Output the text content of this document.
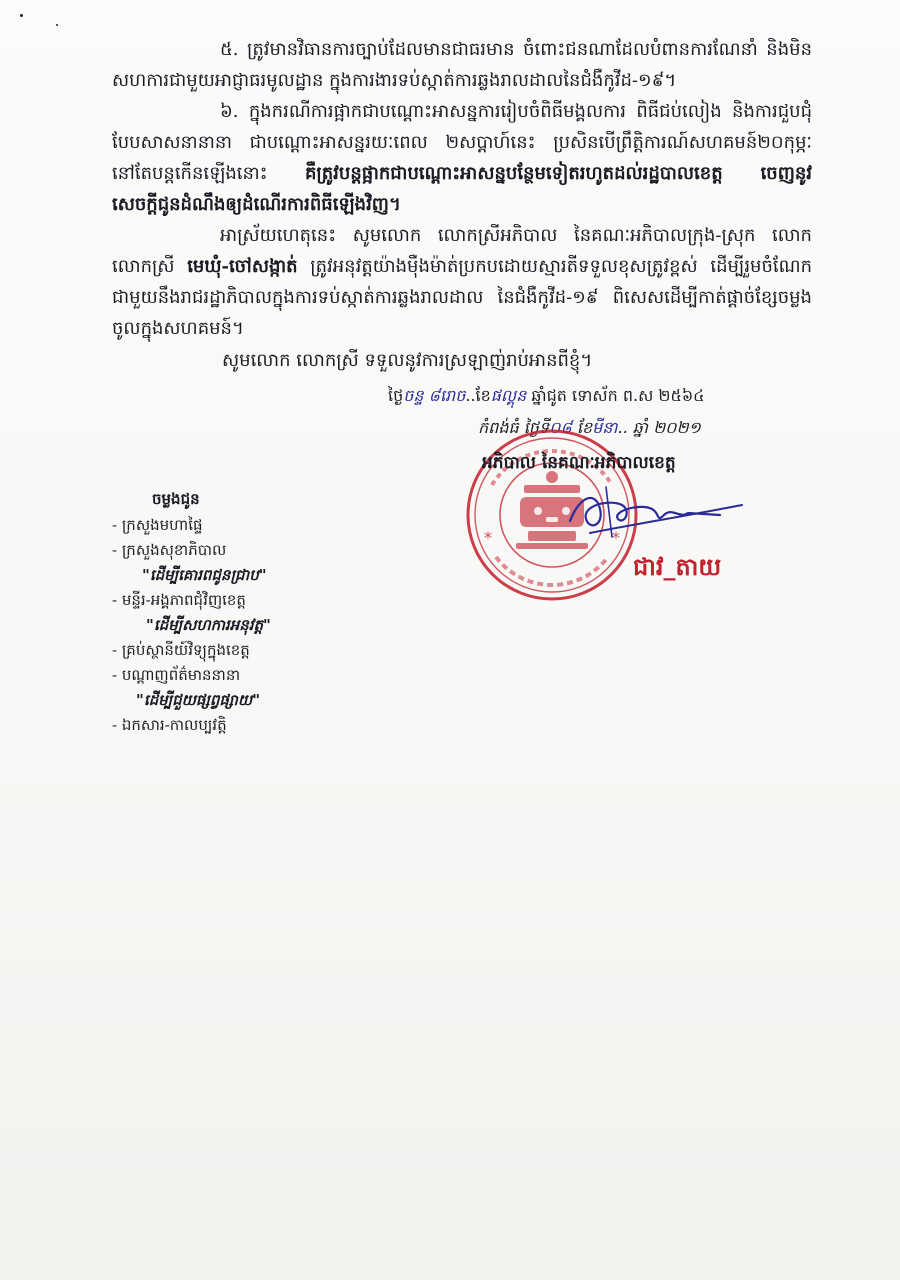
៥. ត្រូវមានវិធានការច្បាប់ដែលមានជាធរមាន ចំពោះជនណាដែលបំពានការណែនាំ និងមិនសហការជាមួយអាជ្ញាធរមូលដ្ឋាន ក្នុងការងារទប់ស្កាត់ការឆ្លងរាលដាលនៃជំងឺកូវីដ-១៩។

៦. ក្នុងករណីការផ្អាកជាបណ្តោះអាសន្នការរៀបចំពិធីមង្គលការ ពិធីជប់លៀង និងការជួបជុំបែបសាសនានានា ជាបណ្តោះអាសន្នរយៈពេល ២សប្តាហ៍នេះ ប្រសិនបើព្រឹត្តិការណ៍សហគមន៍២០កុម្ភៈ នៅតែបន្តកើនឡើងនោះ គឺត្រូវបន្តផ្អាកជាបណ្តោះអាសន្នបន្ថែមទៀតរហូតដល់រដ្ឋបាលខេត្ត ចេញនូវសេចក្តីជូនដំណឹងឲ្យដំណើរការពិធីឡើងវិញ។

អាស្រ័យហេតុនេះ សូមលោក លោកស្រីអភិបាល នៃគណៈអភិបាលក្រុង-ស្រុក លោក លោកស្រី មេឃុំ-ចៅសង្កាត់ ត្រូវអនុវត្តយ៉ាងម៉ឺងម៉ាត់ប្រកបដោយស្មារតីទទួលខុសត្រូវខ្ពស់ ដើម្បីរួមចំណែកជាមួយនឹងរាជរដ្ឋាភិបាលក្នុងការទប់ស្កាត់ការឆ្លងរាលដាល នៃជំងឺកូវីដ-១៩ ពិសេសដើម្បីកាត់ផ្តាច់ខ្សែចម្លងចូលក្នុងសហគមន៍។

សូមលោក លោកស្រី ទទួលនូវការស្រឡាញ់រាប់អានពីខ្ញុំ។
ថ្ងៃចន្ទ ៨រោច..ខែផល្គុន ឆ្នាំជូត ទោស័ក ព.ស ២៥៦៤
កំពង់ធំ ថ្ងៃទី០៨ ខែមីនា.. ឆ្នាំ ២០២១
*	*
អភិបាល នៃគណៈអភិបាលខេត្ត
ជាវ_តាយ
ចម្លងជូន
- ក្រសួងមហាផ្ទៃ
- ក្រសួងសុខាភិបាល
"ដើម្បីគោរពជូនជ្រាប"
- មន្ទីរ-អង្គភាពជុំវិញខេត្ត
"ដើម្បីសហការអនុវត្ត"
- គ្រប់ស្ថានីយ៍វិទ្យុក្នុងខេត្ត
- បណ្តាញព័ត៌មាននានា
"ដើម្បីជួយផ្សព្វផ្សាយ"
- ឯកសារ-កាលប្បវត្តិ
